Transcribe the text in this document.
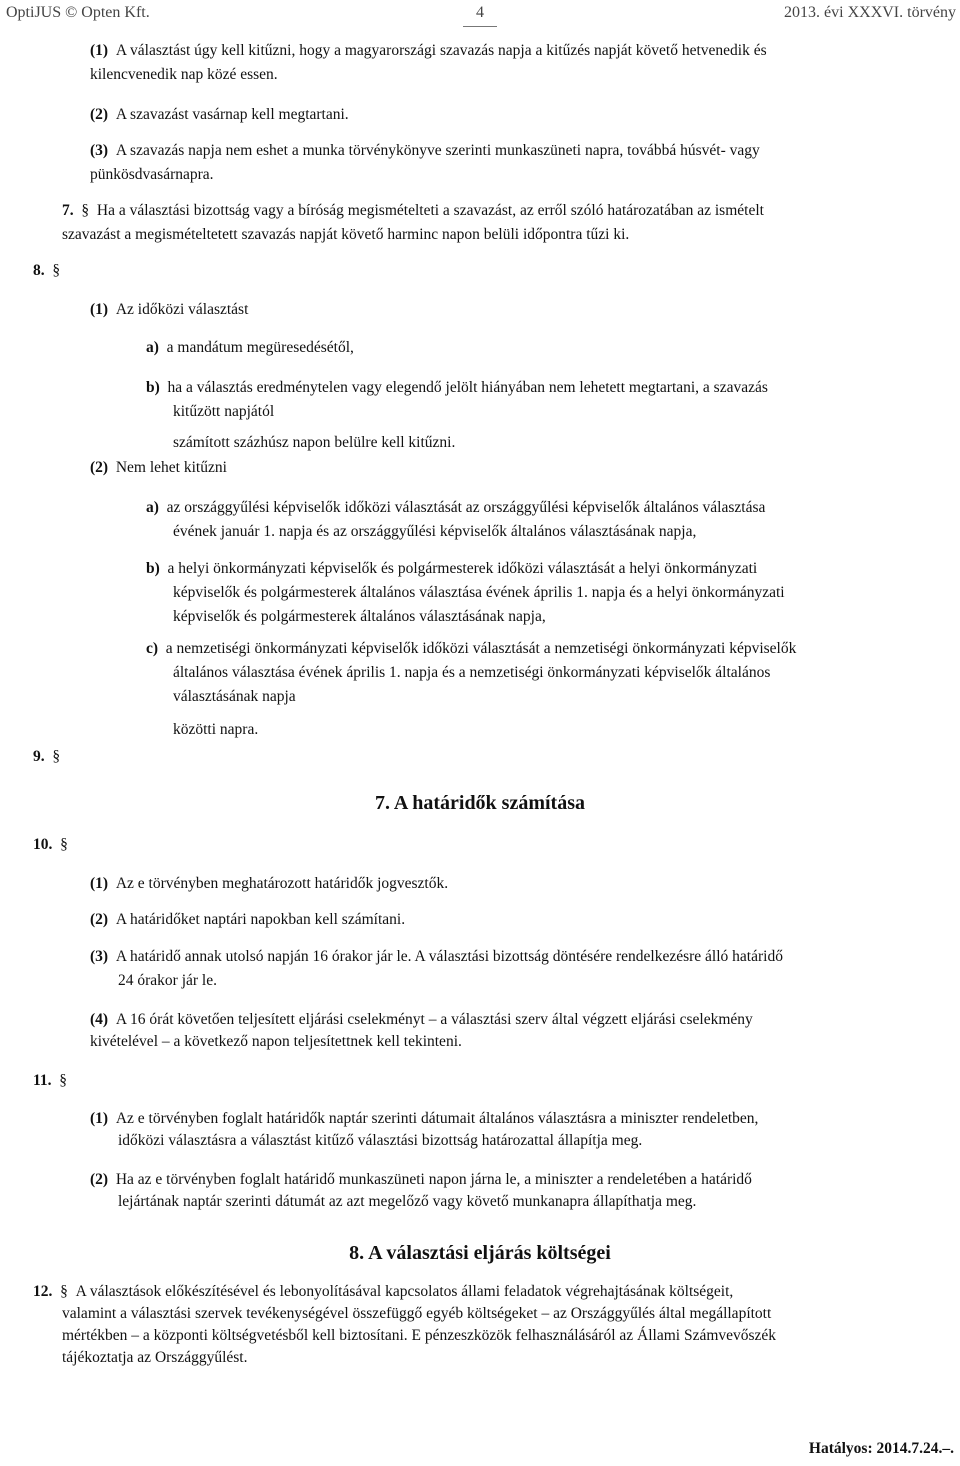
OptiJUS © Opten Kft.	4	2013. évi XXXVI. törvény
(1) A választást úgy kell kitűzni, hogy a magyarországi szavazás napja a kitűzés napját követő hetvenedik és
kilencvenedik nap közé essen.
(2) A szavazást vasárnap kell megtartani.
(3) A szavazás napja nem eshet a munka törvénykönyve szerinti munkaszüneti napra, továbbá húsvét- vagy
pünkösdvasárnapra.
7. § Ha a választási bizottság vagy a bíróság megismételteti a szavazást, az erről szóló határozatában az ismételt
szavazást a megismételtetett szavazás napját követő harminc napon belüli időpontra tűzi ki.
8. §
(1) Az időközi választást
a) a mandátum megüresedésétől,
b) ha a választás eredménytelen vagy elegendő jelölt hiányában nem lehetett megtartani, a szavazás
kitűzött napjától
számított százhúsz napon belülre kell kitűzni.
(2) Nem lehet kitűzni
a) az országgyűlési képviselők időközi választását az országgyűlési képviselők általános választása
évének január 1. napja és az országgyűlési képviselők általános választásának napja,
b) a helyi önkormányzati képviselők és polgármesterek időközi választását a helyi önkormányzati
képviselők és polgármesterek általános választása évének április 1. napja és a helyi önkormányzati
képviselők és polgármesterek általános választásának napja,
c) a nemzetiségi önkormányzati képviselők időközi választását a nemzetiségi önkormányzati képviselők
általános választása évének április 1. napja és a nemzetiségi önkormányzati képviselők általános
választásának napja
közötti napra.
9. §
7. A határidők számítása
10. §
(1) Az e törvényben meghatározott határidők jogvesztők.
(2) A határidőket naptári napokban kell számítani.
(3) A határidő annak utolsó napján 16 órakor jár le. A választási bizottság döntésére rendelkezésre álló határidő
24 órakor jár le.
(4) A 16 órát követően teljesített eljárási cselekményt – a választási szerv által végzett eljárási cselekmény
kivételével – a következő napon teljesítettnek kell tekinteni.
11. §
(1) Az e törvényben foglalt határidők naptár szerinti dátumait általános választásra a miniszter rendeletben,
időközi választásra a választást kitűző választási bizottság határozattal állapítja meg.
(2) Ha az e törvényben foglalt határidő munkaszüneti napon járna le, a miniszter a rendeletében a határidő
lejártának naptár szerinti dátumát az azt megelőző vagy követő munkanapra állapíthatja meg.
8. A választási eljárás költségei
12. § A választások előkészítésével és lebonyolításával kapcsolatos állami feladatok végrehajtásának költségeit,
valamint a választási szervek tevékenységével összefüggő egyéb költségeket – az Országgyűlés által megállapított
mértékben – a központi költségvetésből kell biztosítani. E pénzeszközök felhasználásáról az Állami Számvevőszék
tájékoztatja az Országgyűlést.
Hatályos: 2014.7.24.–.
